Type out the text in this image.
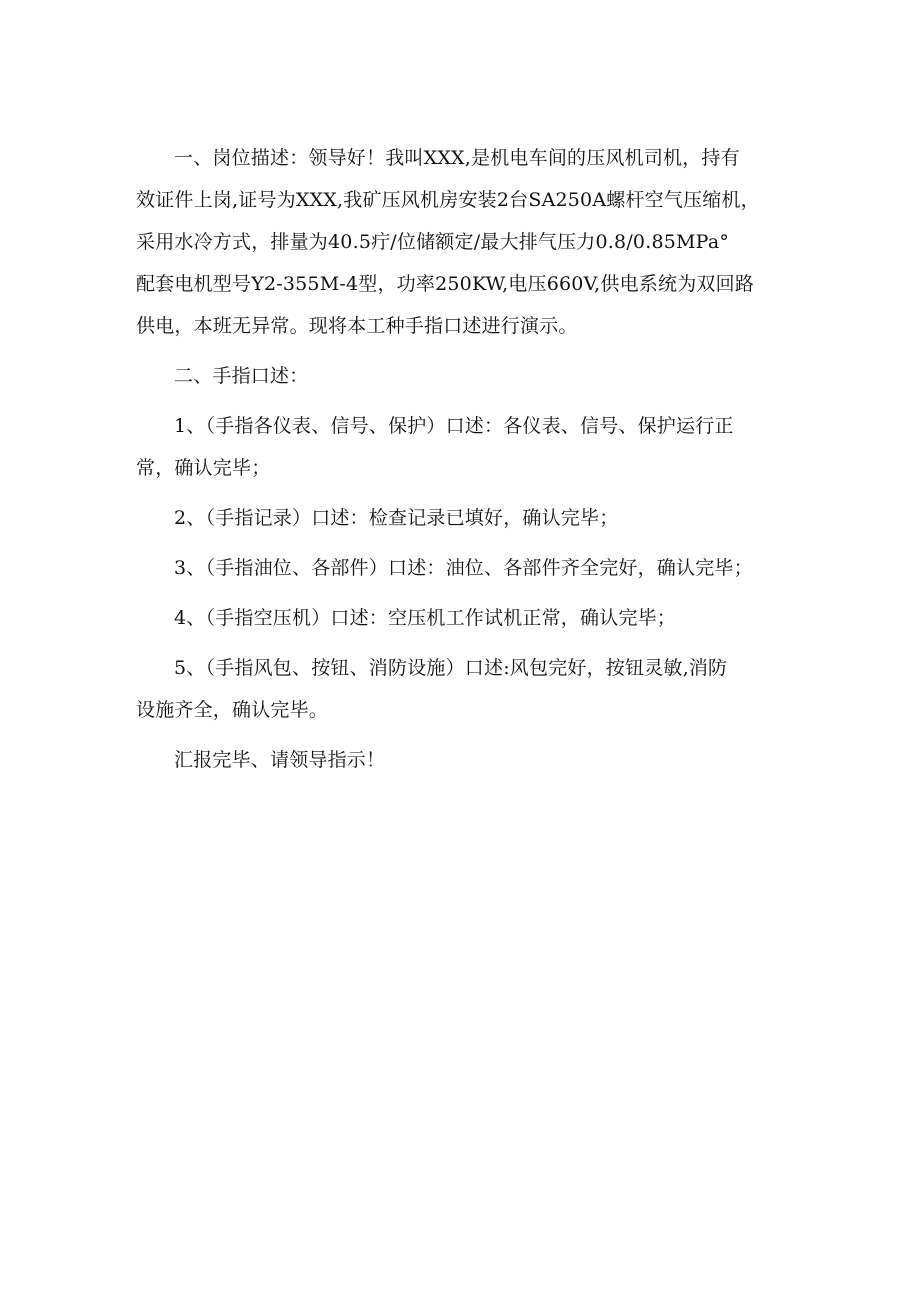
一、岗位描述：领导好！我叫XXX,是机电车间的压风机司机，持有
效证件上岗,证号为XXX,我矿压风机房安装2台SA250A螺杆空气压缩机，
采用水冷方式，排量为40.5疔/位储额定/最大排气压力0.8/0.85MPa°
配套电机型号Y2-355M-4型，功率250KW,电压660V,供电系统为双回路
供电，本班无异常。现将本工种手指口述进行演示。
二、手指口述：
1、（手指各仪表、信号、保护）口述：各仪表、信号、保护运行正
常，确认完毕；
2、（手指记录）口述：检查记录已填好，确认完毕；
3、（手指油位、各部件）口述：油位、各部件齐全完好，确认完毕；
4、（手指空压机）口述：空压机工作试机正常，确认完毕；
5、（手指风包、按钮、消防设施）口述:风包完好，按钮灵敏,消防
设施齐全，确认完毕。
汇报完毕、请领导指示！
